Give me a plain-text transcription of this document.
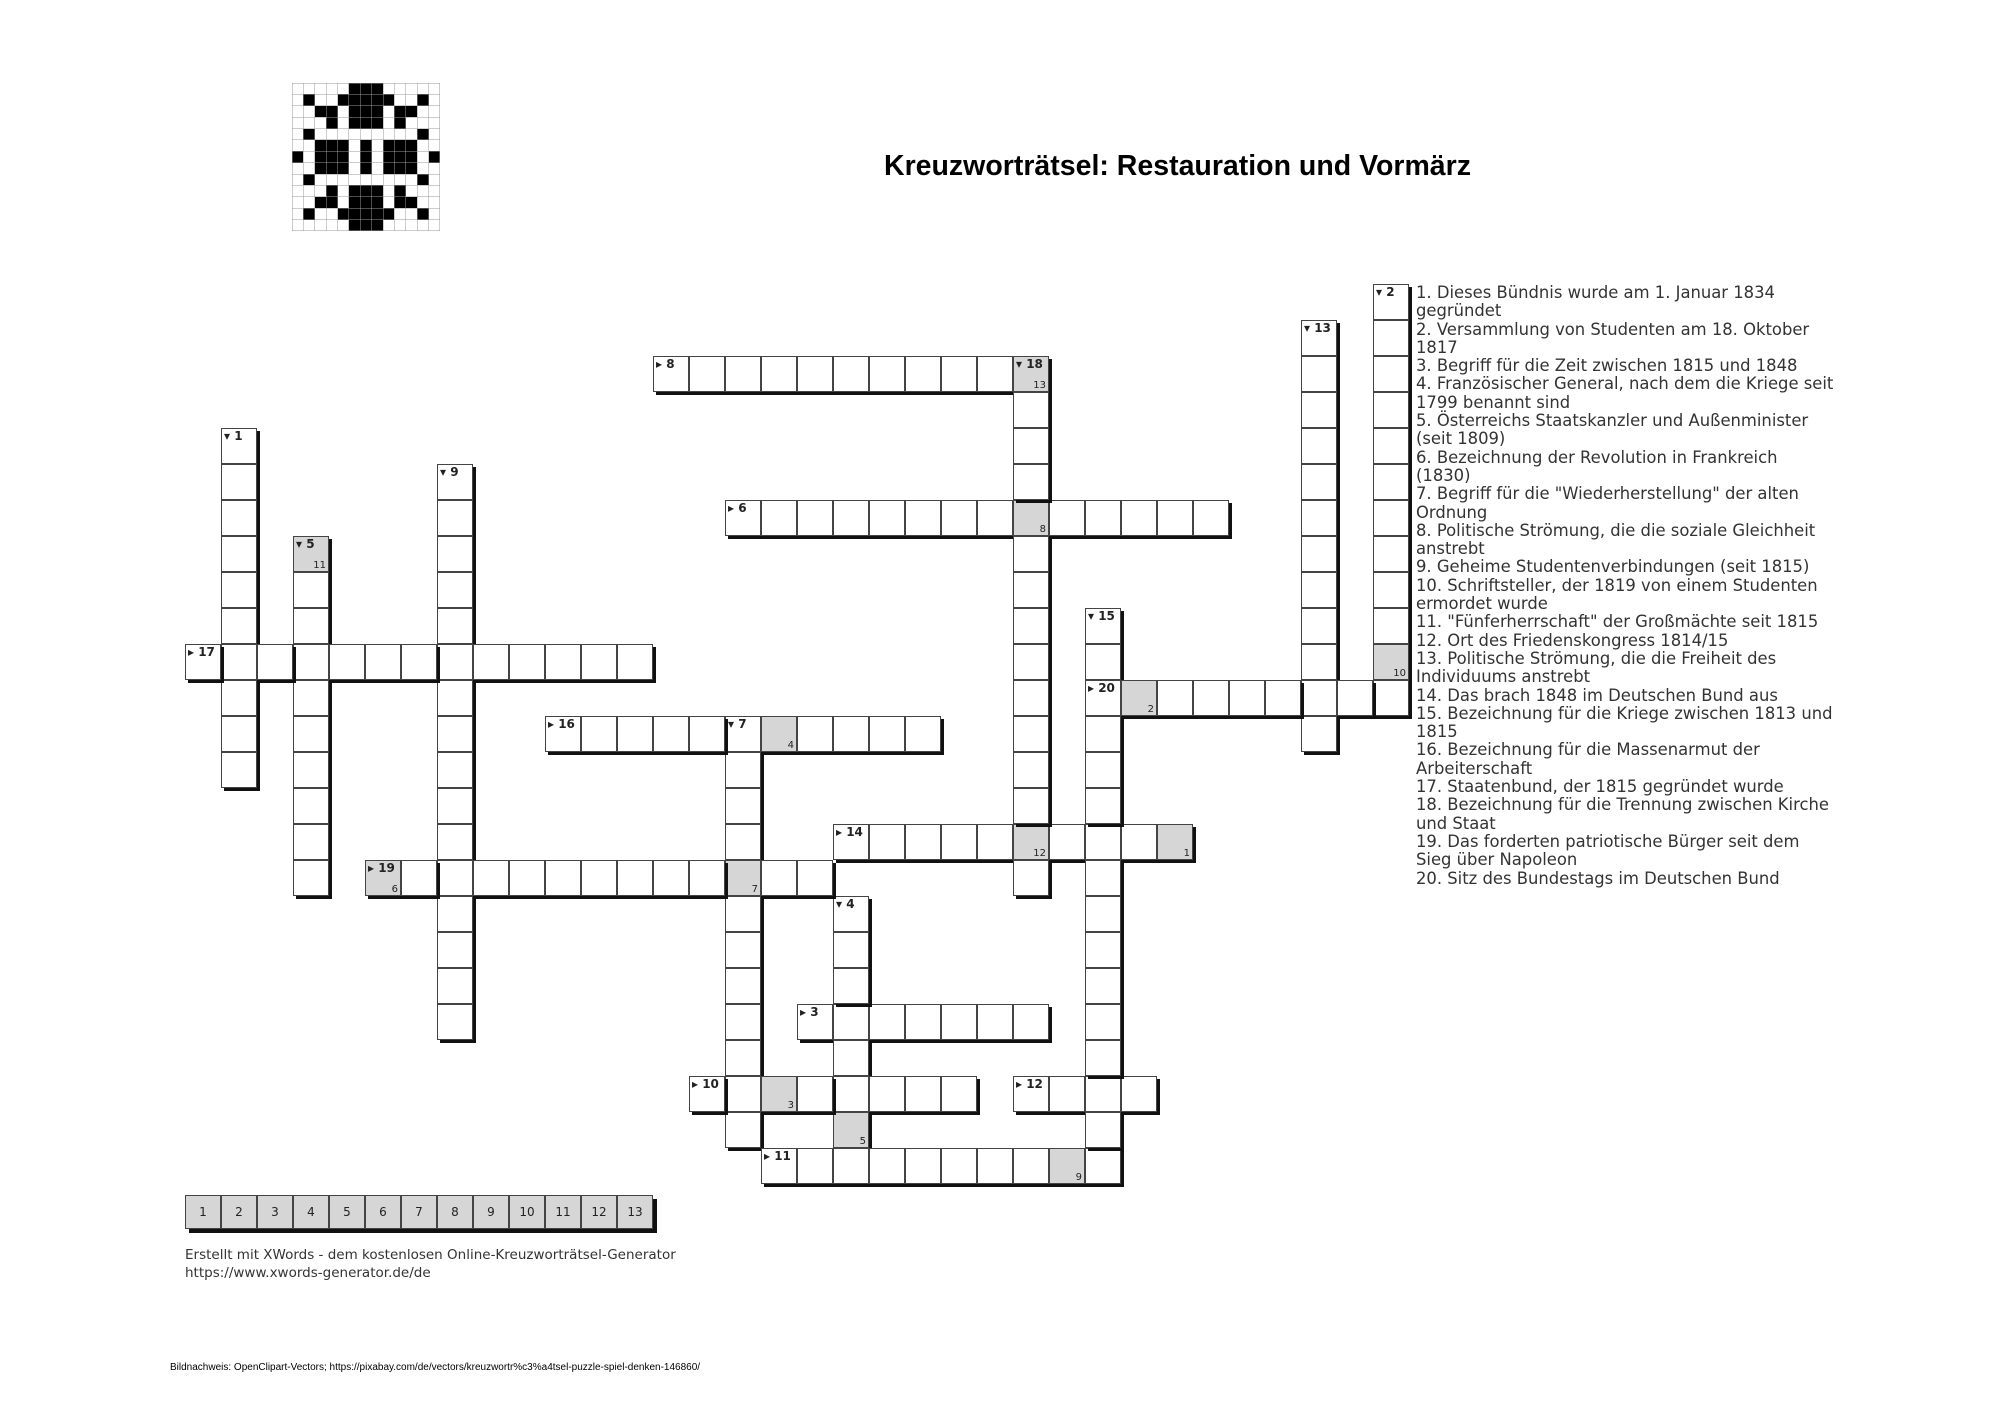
Kreuzworträtsel: Restauration und Vormärz
▾ 1
▾ 2
10
▸ 3
▾ 4
5
▾ 5
11
▸ 6
8
▾ 7
7
▸ 8	▾ 18
13
▾ 9
▸ 10
3
▸ 11
9
▸ 12
▾ 13
▸ 14
12	1
▾ 15
▸ 20
▸ 16
4
▸ 17
▸ 19
6
2
1. Dieses Bündnis wurde am 1. Januar 1834 gegründet
2. Versammlung von Studenten am 18. Oktober 1817
3. Begriff für die Zeit zwischen 1815 und 1848
4. Französischer General, nach dem die Kriege seit 1799 benannt sind
5. Österreichs Staatskanzler und Außenminister (seit 1809)
6. Bezeichnung der Revolution in Frankreich (1830)
7. Begriff für die "Wiederherstellung" der alten Ordnung
8. Politische Strömung, die die soziale Gleichheit anstrebt
9. Geheime Studentenverbindungen (seit 1815)
10. Schriftsteller, der 1819 von einem Studenten ermordet wurde
11. "Fünferherrschaft" der Großmächte seit 1815
12. Ort des Friedenskongress 1814/15
13. Politische Strömung, die die Freiheit des Individuums anstrebt
14. Das brach 1848 im Deutschen Bund aus
15. Bezeichnung für die Kriege zwischen 1813 und 1815
16. Bezeichnung für die Massenarmut der Arbeiterschaft
17. Staatenbund, der 1815 gegründet wurde
18. Bezeichnung für die Trennung zwischen Kirche und Staat
19. Das forderten patriotische Bürger seit dem Sieg über Napoleon
20. Sitz des Bundestags im Deutschen Bund
1	2	3	4	5	6	7	8	9	10	11	12	13
Erstellt mit XWords - dem kostenlosen Online-Kreuzworträtsel-Generator
https://www.xwords-generator.de/de
Bildnachweis: OpenClipart-Vectors; https://pixabay.com/de/vectors/kreuzwortr%c3%a4tsel-puzzle-spiel-denken-146860/
